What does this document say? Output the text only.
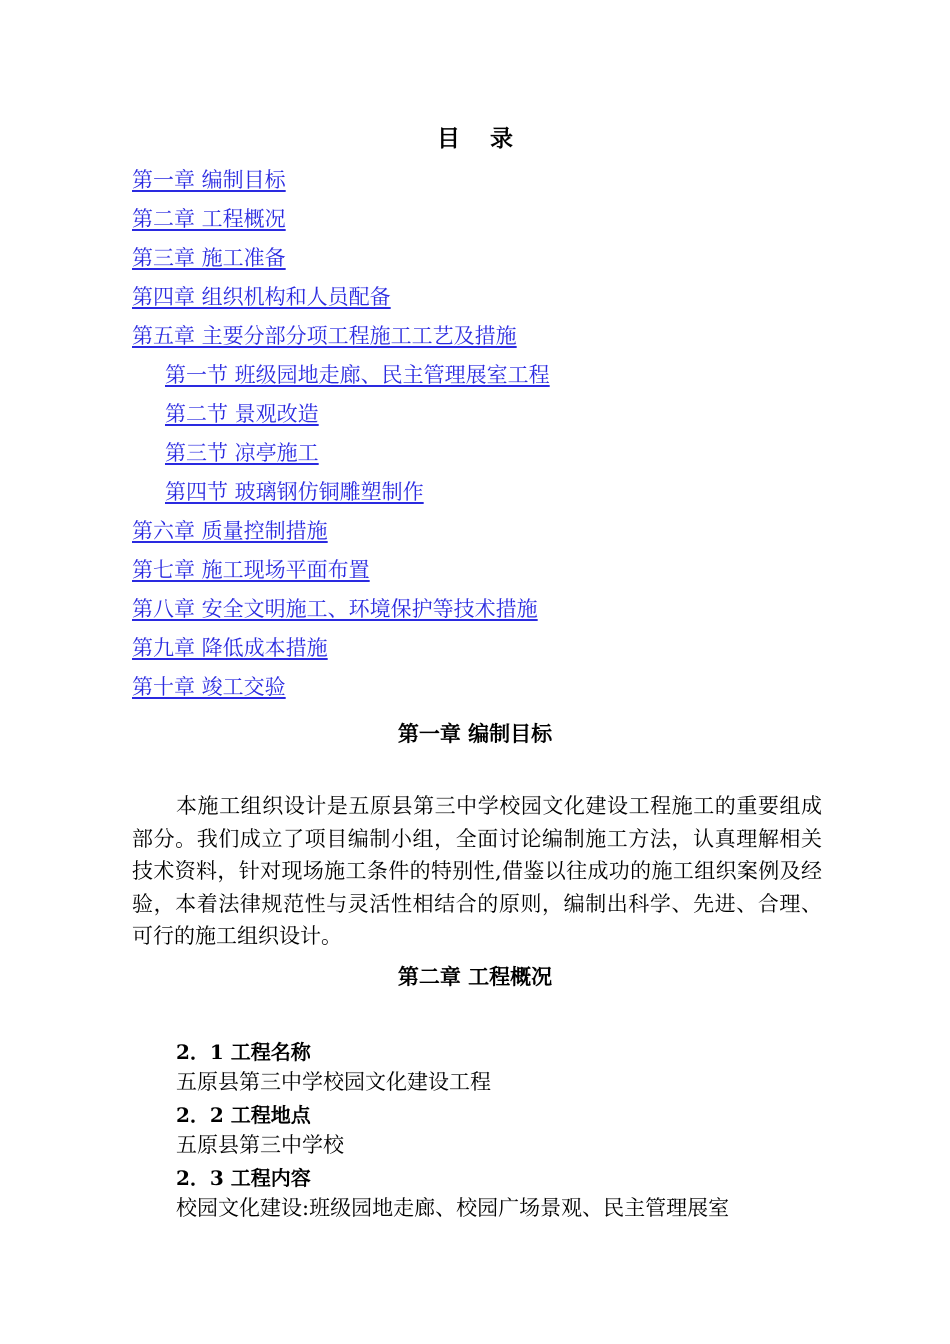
目 录
第一章 编制目标
第二章 工程概况
第三章 施工准备
第四章 组织机构和人员配备
第五章 主要分部分项工程施工工艺及措施
第一节 班级园地走廊、民主管理展室工程
第二节 景观改造
第三节 凉亭施工
第四节 玻璃钢仿铜雕塑制作
第六章 质量控制措施
第七章 施工现场平面布置
第八章 安全文明施工、环境保护等技术措施
第九章 降低成本措施
第十章 竣工交验
第一章 编制目标

本施工组织设计是五原县第三中学校园文化建设工程施工的重要组成部分。我们成立了项目编制小组，全面讨论编制施工方法，认真理解相关技术资料，针对现场施工条件的特别性,借鉴以往成功的施工组织案例及经验，本着法律规范性与灵活性相结合的原则，编制出科学、先进、合理、可行的施工组织设计。

第二章 工程概况
2．1 工程名称
五原县第三中学校园文化建设工程
2．2 工程地点
五原县第三中学校
2．3 工程内容
校园文化建设:班级园地走廊、校园广场景观、民主管理展室
